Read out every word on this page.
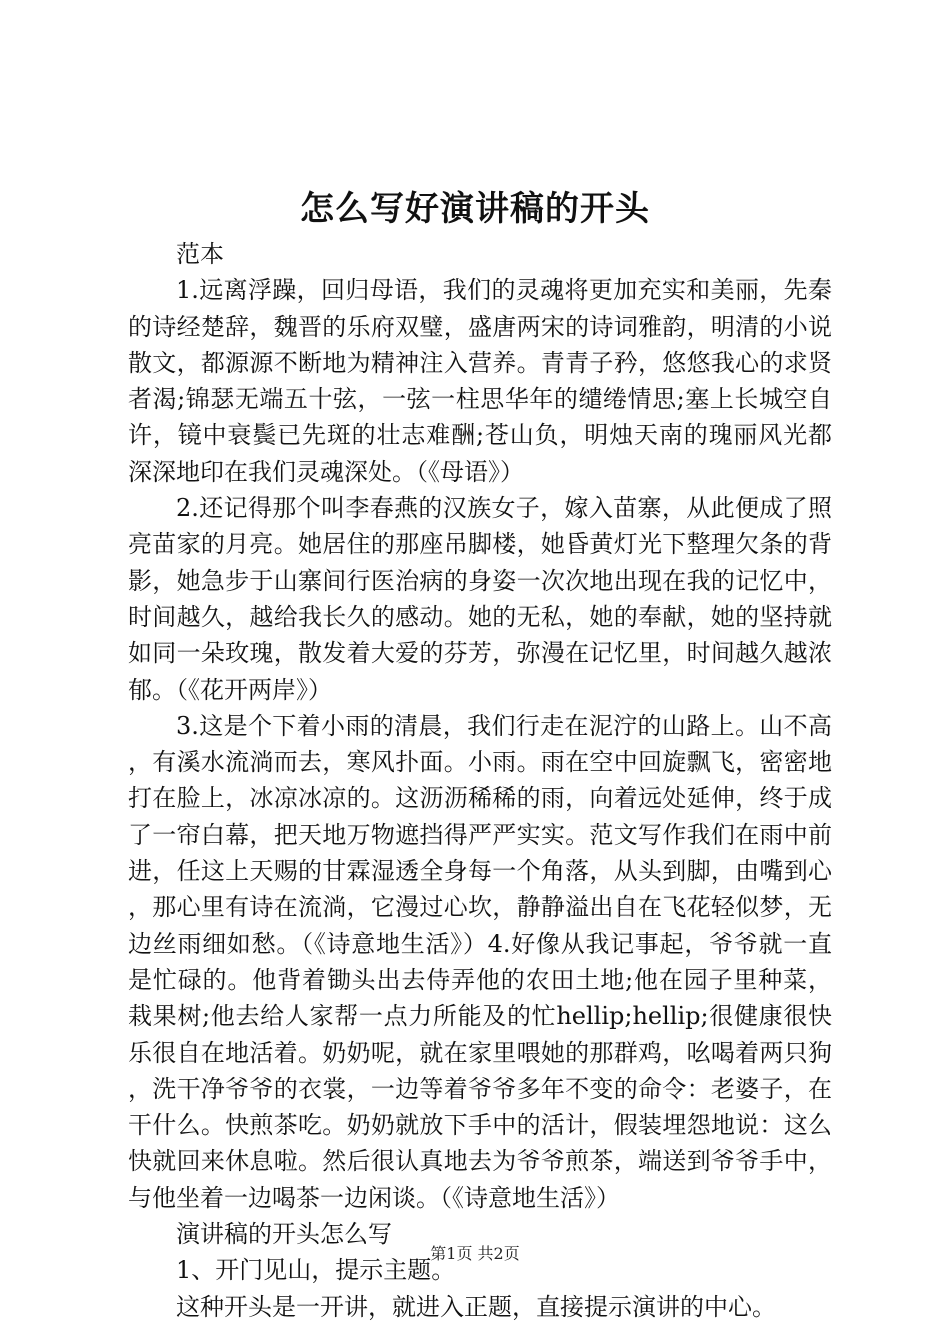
怎么写好演讲稿的开头

范本

1.远离浮躁，回归母语，我们的灵魂将更加充实和美丽，先秦的诗经楚辞，魏晋的乐府双璧，盛唐两宋的诗词雅韵，明清的小说散文，都源源不断地为精神注入营养。青青子矜，悠悠我心的求贤者渴;锦瑟无端五十弦，一弦一柱思华年的缱绻情思;塞上长城空自许，镜中衰鬓已先斑的壮志难酬;苍山负，明烛天南的瑰丽风光都深深地印在我们灵魂深处。（《母语》）

2.还记得那个叫李春燕的汉族女子，嫁入苗寨，从此便成了照亮苗家的月亮。她居住的那座吊脚楼，她昏黄灯光下整理欠条的背影，她急步于山寨间行医治病的身姿一次次地出现在我的记忆中，时间越久，越给我长久的感动。她的无私，她的奉献，她的坚持就如同一朵玫瑰，散发着大爱的芬芳，弥漫在记忆里，时间越久越浓郁。（《花开两岸》）

3.这是个下着小雨的清晨，我们行走在泥泞的山路上。山不高，有溪水流淌而去，寒风扑面。小雨。雨在空中回旋飘飞，密密地打在脸上，冰凉冰凉的。这沥沥稀稀的雨，向着远处延伸，终于成了一帘白幕，把天地万物遮挡得严严实实。范文写作我们在雨中前进，任这上天赐的甘霖湿透全身每一个角落，从头到脚，由嘴到心，那心里有诗在流淌，它漫过心坎，静静溢出自在飞花轻似梦，无边丝雨细如愁。（《诗意地生活》）4.好像从我记事起，爷爷就一直是忙碌的。他背着锄头出去侍弄他的农田土地;他在园子里种菜，栽果树;他去给人家帮一点力所能及的忙hellip;hellip;很健康很快乐很自在地活着。奶奶呢，就在家里喂她的那群鸡，吆喝着两只狗，洗干净爷爷的衣裳，一边等着爷爷多年不变的命令：老婆子，在干什么。快煎茶吃。奶奶就放下手中的活计，假装埋怨地说：这么快就回来休息啦。然后很认真地去为爷爷煎茶，端送到爷爷手中，与他坐着一边喝茶一边闲谈。（《诗意地生活》）

演讲稿的开头怎么写

1、开门见山，提示主题。

这种开头是一开讲，就进入正题，直接提示演讲的中心。

第1页 共2页
